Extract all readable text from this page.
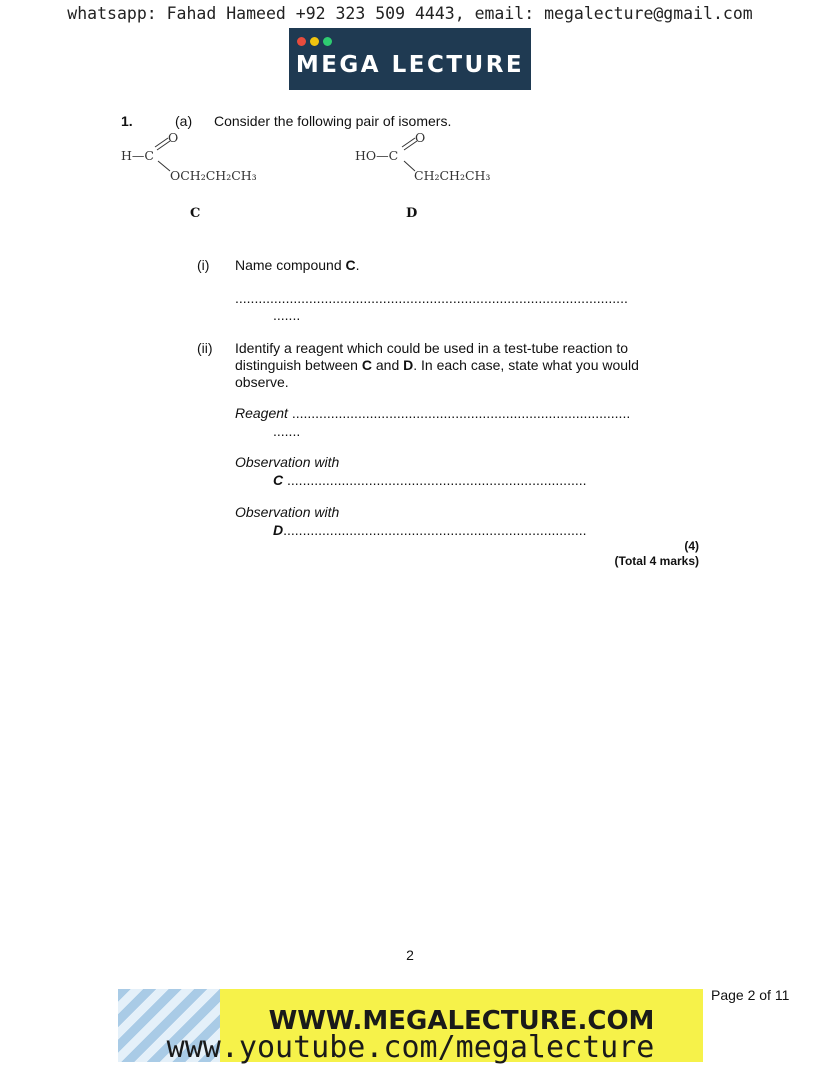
whatsapp: Fahad Hameed +92 323 509 4443, email: megalecture@gmail.com
MEGA LECTURE
1.	(a) Consider the following pair of isomers.
H—C
O
OCH₂CH₂CH₃
C
HO—C
O
CH₂CH₂CH₃
D
(i) Name compound C.
.....................................................................................................
.......
(ii) Identify a reagent which could be used in a test-tube reaction to
distinguish between C and D. In each case, state what you would
observe.
Reagent .......................................................................................
.......
Observation with
C .............................................................................
Observation with
D..............................................................................
(4)
(Total 4 marks)
2
Page 2 of 11
WWW.MEGALECTURE.COM
www.youtube.com/megalecture
